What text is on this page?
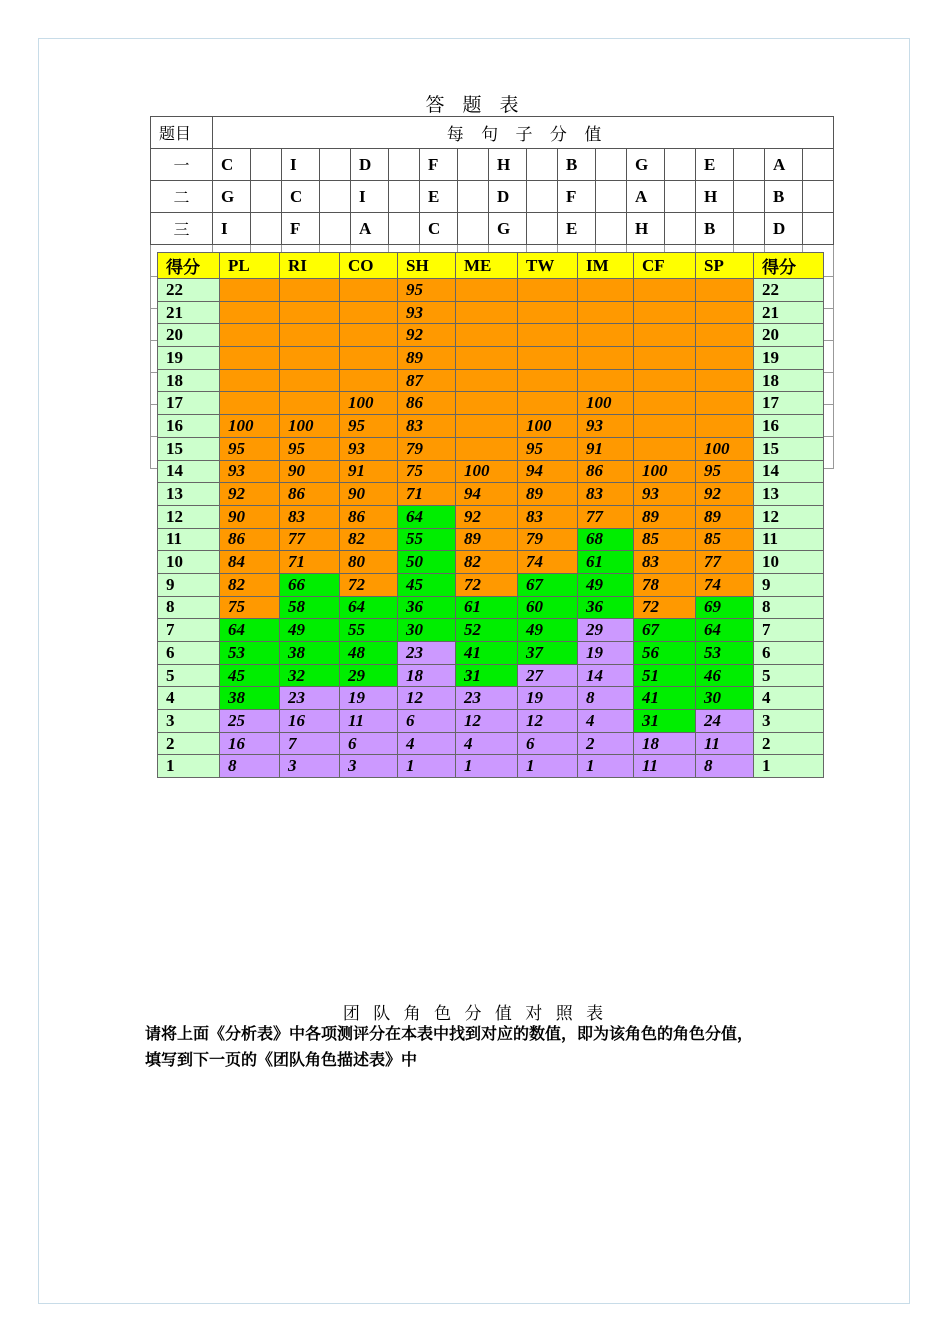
答 题 表
题目	每 句 子 分 值																	
一	C		I		D		F		H		B		G		E		A	
二	G		C		I		E		D		F		A		H		B	
三	I		F		A		C		G		E		H		B		D	

得分	PL	RI	CO	SH	ME	TW	IM	CF	SP	得分
22				95						22
21				93						21
20				92						20
19				89						19
18				87						18
17			100	86			100			17
16	100	100	95	83		100	93			16
15	95	95	93	79		95	91		100	15
14	93	90	91	75	100	94	86	100	95	14
13	92	86	90	71	94	89	83	93	92	13
12	90	83	86	64	92	83	77	89	89	12
11	86	77	82	55	89	79	68	85	85	11
10	84	71	80	50	82	74	61	83	77	10
9	82	66	72	45	72	67	49	78	74	9
8	75	58	64	36	61	60	36	72	69	8
7	64	49	55	30	52	49	29	67	64	7
6	53	38	48	23	41	37	19	56	53	6
5	45	32	29	18	31	27	14	51	46	5
4	38	23	19	12	23	19	8	41	30	4
3	25	16	11	6	12	12	4	31	24	3
2	16	7	6	4	4	6	2	18	11	2
1	8	3	3	1	1	1	1	11	8	1
团 队 角 色 分 值 对 照 表
请将上面《分析表》中各项测评分在本表中找到对应的数值，即为该角色的角色分值，
填写到下一页的《团队角色描述表》中
